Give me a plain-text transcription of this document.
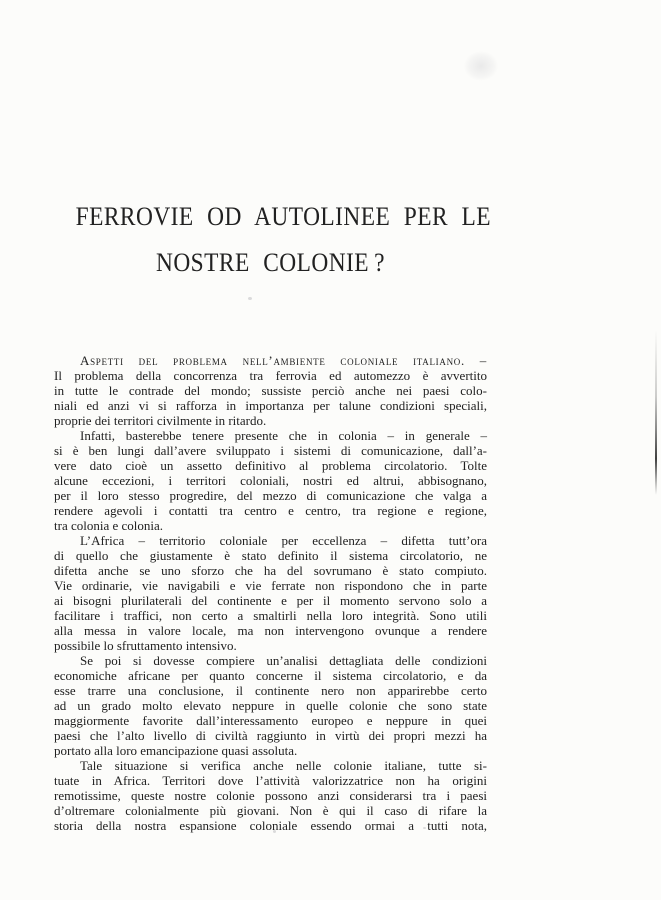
FERROVIE OD AUTOLINEE PER LE
NOSTRE COLONIE ?

Aspetti del problema nell’ambiente coloniale italiano. –
Il problema della concorrenza tra ferrovia ed automezzo è avvertito
in tutte le contrade del mondo; sussiste perciò anche nei paesi colo-
niali ed anzi vi si rafforza in importanza per talune condizioni speciali,
proprie dei territori civilmente in ritardo.

Infatti, basterebbe tenere presente che in colonia – in generale –
si è ben lungi dall’avere sviluppato i sistemi di comunicazione, dall’a-
vere dato cioè un assetto definitivo al problema circolatorio. Tolte
alcune eccezioni, i territori coloniali, nostri ed altrui, abbisognano,
per il loro stesso progredire, del mezzo di comunicazione che valga a
rendere agevoli i contatti tra centro e centro, tra regione e regione,
tra colonia e colonia.

L’Africa – territorio coloniale per eccellenza – difetta tutt’ora
di quello che giustamente è stato definito il sistema circolatorio, ne
difetta anche se uno sforzo che ha del sovrumano è stato compiuto.
Vie ordinarie, vie navigabili e vie ferrate non rispondono che in parte
ai bisogni plurilaterali del continente e per il momento servono solo a
facilitare i traffici, non certo a smaltirli nella loro integrità. Sono utili
alla messa in valore locale, ma non intervengono ovunque a rendere
possibile lo sfruttamento intensivo.

Se poi si dovesse compiere un’analisi dettagliata delle condizioni
economiche africane per quanto concerne il sistema circolatorio, e da
esse trarre una conclusione, il continente nero non apparirebbe certo
ad un grado molto elevato neppure in quelle colonie che sono state
maggiormente favorite dall’interessamento europeo e neppure in quei
paesi che l’alto livello di civiltà raggiunto in virtù dei propri mezzi ha
portato alla loro emancipazione quasi assoluta.

Tale situazione si verifica anche nelle colonie italiane, tutte si-
tuate in Africa. Territori dove l’attività valorizzatrice non ha origini
remotissime, queste nostre colonie possono anzi considerarsi tra i paesi
d’oltremare colonialmente più giovani. Non è qui il caso di rifare la
storia della nostra espansione coloniale essendo ormai a tutti nota,
